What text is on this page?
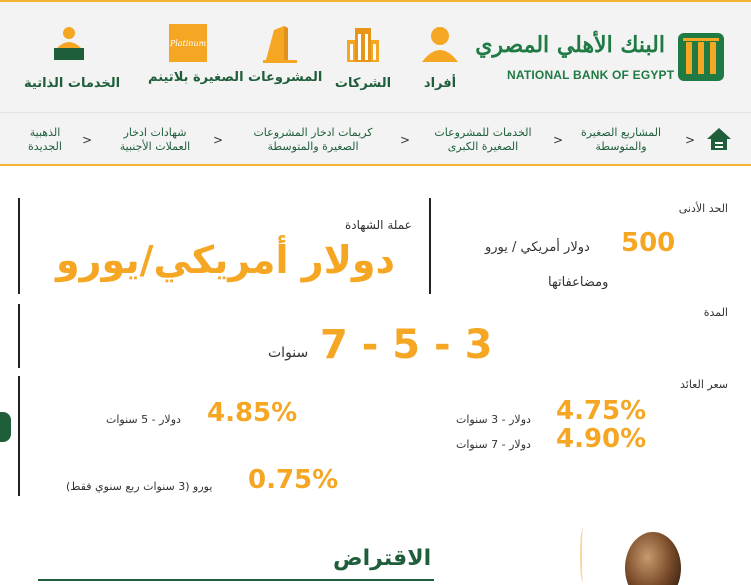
الخدمات الذاتية
Platinum
المشروعات الصغيرة بلاتينم الشركات	أفراد
البنك الأهلي المصري
NATIONAL BANK OF EGYPT
>
المشاريع الصغيرة
والمتوسطة
>
الخدمات للمشروعات
الصغيرة الكبرى
>
كريمات ادخار المشروعات
الصغيرة والمتوسطة
>
شهادات ادخار
العملات الأجنبية
>
الذهبية
الجديدة
الحد الأدنى
500
دولار أمريكي / يورو
ومضاعفاتها
عملة الشهادة
دولار أمريكي/يورو
المدة
7 - 5 - 3
سنوات
سعر العائد
4.75%
دولار - 3 سنوات
4.90%
دولار - 7 سنوات
4.85%
دولار - 5 سنوات
0.75%
يورو (3 سنوات ربع سنوي فقط)
الاقتراض
